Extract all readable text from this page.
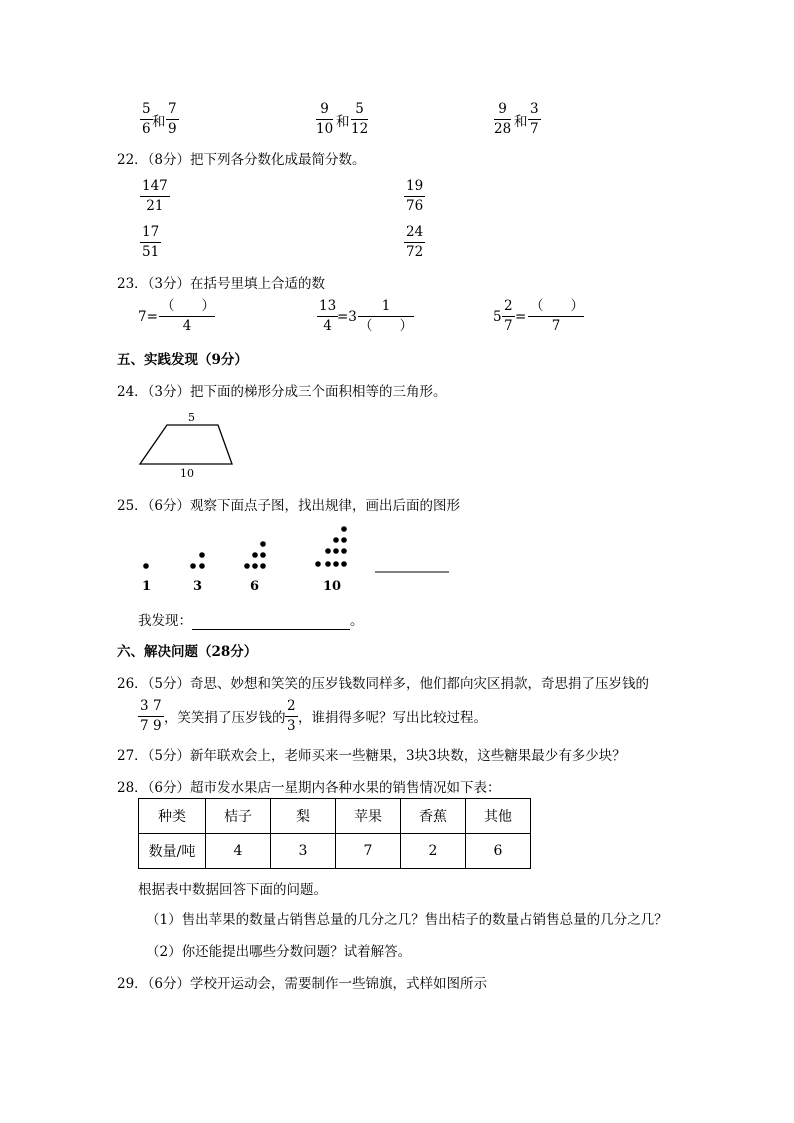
$\frac{5}{6}$ 和 $\frac{7}{9}$	$\frac{9}{10}$ 和 $\frac{5}{12}$	$\frac{9}{28}$ 和 $\frac{3}{7}$
22．（8分）把下列各分数化成最简分数。
$\frac{147}{21}$	$\frac{19}{76}$
$\frac{17}{51}$	$\frac{24}{72}$
23．（3分）在括号里填上合适的数
7=
（　　）
4	$\frac{13}{4}$
=3
1
（　　）
$5 \frac{2}{7}$ =
（　　）
7
五、实践发现（9分）
24．（3分）把下面的梯形分成三个面积相等的三角形。
5
10
25．（6分）观察下面点子图，找出规律，画出后面的图形
1	3	6	10
我发现：	。
六、解决问题（28分）
26．（5分）奇思、妙想和笑笑的压岁钱数同样多，他们都向灾区捐款，奇思捐了压岁钱的
$\frac{3}{7} \frac{7}{9}$ ，笑笑捐了压岁钱的 $\frac{2}{3}$ ，谁捐得多呢？写出比较过程。
27．（5分）新年联欢会上，老师买来一些糖果，3块3块数，这些糖果最少有多少块？
28．（6分）超市发水果店一星期内各种水果的销售情况如下表：
种类	桔子	梨	苹果	香蕉	其他
数量/吨	4	3	7	2	6
根据表中数据回答下面的问题。
（1）售出苹果的数量占销售总量的几分之几？售出桔子的数量占销售总量的几分之几？
（2）你还能提出哪些分数问题？试着解答。
29．（6分）学校开运动会，需要制作一些锦旗，式样如图所示
